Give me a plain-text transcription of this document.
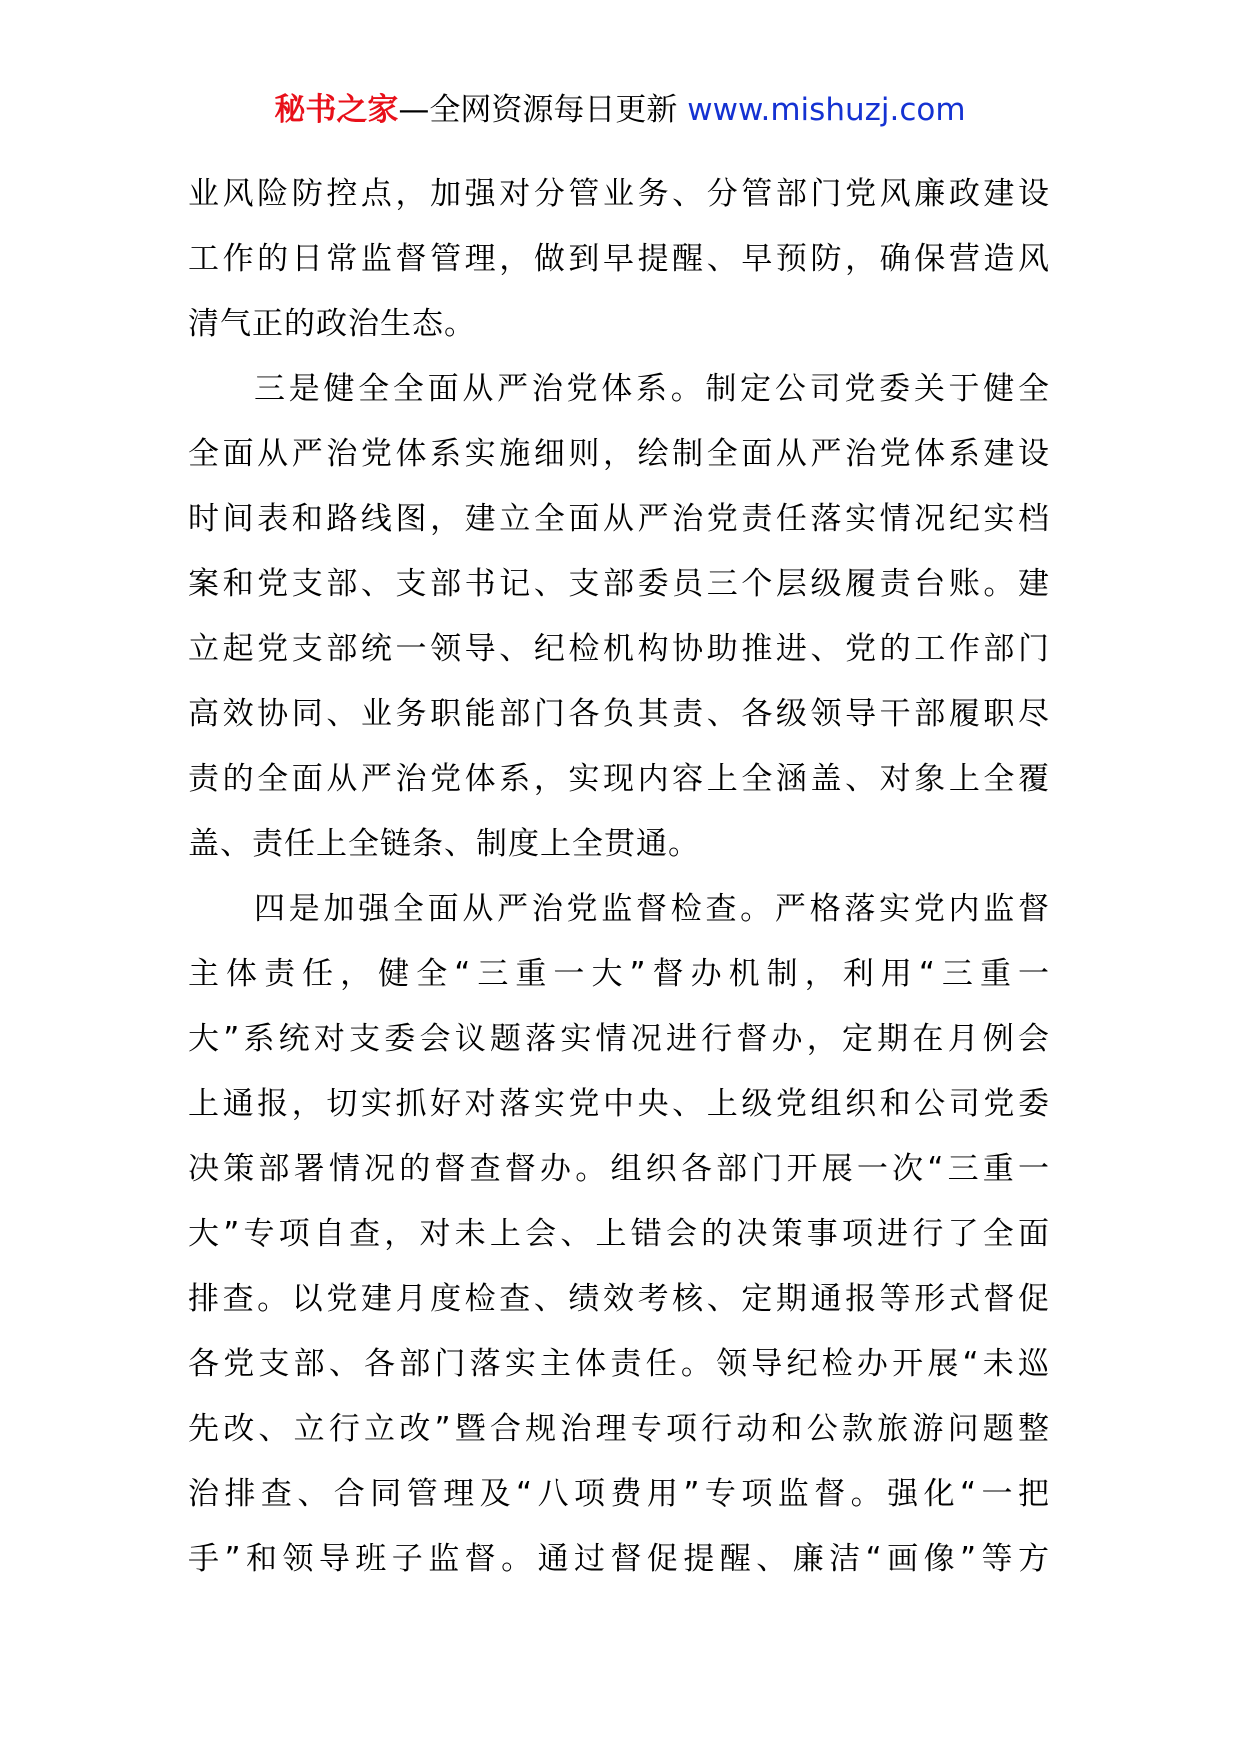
秘书之家—全网资源每日更新 www.mishuzj.com
业风险防控点，加强对分管业务、分管部门党风廉政建设
工作的日常监督管理，做到早提醒、早预防，确保营造风
清气正的政治生态。
三是健全全面从严治党体系。制定公司党委关于健全
全面从严治党体系实施细则，绘制全面从严治党体系建设
时间表和路线图，建立全面从严治党责任落实情况纪实档
案和党支部、支部书记、支部委员三个层级履责台账。建
立起党支部统一领导、纪检机构协助推进、党的工作部门
高效协同、业务职能部门各负其责、各级领导干部履职尽
责的全面从严治党体系，实现内容上全涵盖、对象上全覆
盖、责任上全链条、制度上全贯通。
四是加强全面从严治党监督检查。严格落实党内监督
主体责任，健全“三重一大”督办机制，利用“三重一
大”系统对支委会议题落实情况进行督办，定期在月例会
上通报，切实抓好对落实党中央、上级党组织和公司党委
决策部署情况的督查督办。组织各部门开展一次“三重一
大”专项自查，对未上会、上错会的决策事项进行了全面
排查。以党建月度检查、绩效考核、定期通报等形式督促
各党支部、各部门落实主体责任。领导纪检办开展“未巡
先改、立行立改”暨合规治理专项行动和公款旅游问题整
治排查、合同管理及“八项费用”专项监督。强化“一把
手”和领导班子监督。通过督促提醒、廉洁“画像”等方
